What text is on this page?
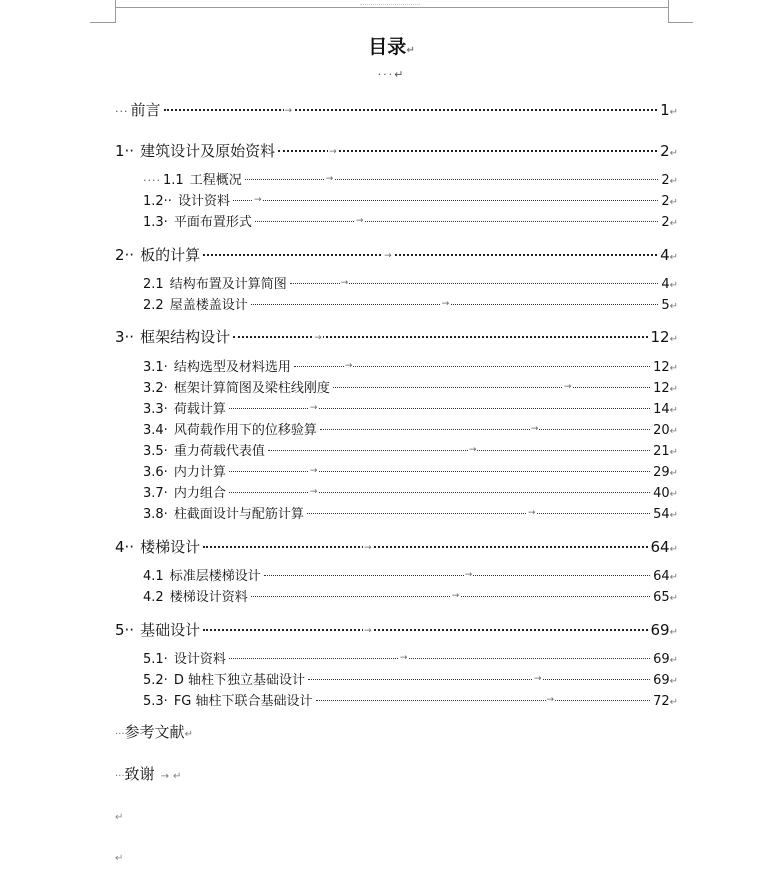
目录↵
···↵
··· 前言	→	1 ↵
1·· 建筑设计及原始资料	→	2 ↵
···· 1.1 工程概况	→	2 ↵
1.2·· 设计资料	→	2 ↵
1.3· 平面布置形式	→	2 ↵
2·· 板的计算	→	4 ↵
2.1 结构布置及计算简图	→	4 ↵
2.2 屋盖楼盖设计	→	5 ↵
3·· 框架结构设计	→	12 ↵
3.1· 结构选型及材料选用	→	12 ↵
3.2· 框架计算简图及梁柱线刚度	→	12 ↵
3.3· 荷载计算	→	14 ↵
3.4· 风荷载作用下的位移验算	→	20 ↵
3.5· 重力荷载代表值	→	21 ↵
3.6· 内力计算	→	29 ↵
3.7· 内力组合	→	40 ↵
3.8· 柱截面设计与配筋计算	→	54 ↵
4·· 楼梯设计	→	64 ↵
4.1 标准层楼梯设计	→	64 ↵
4.2 楼梯设计资料	→	65 ↵
5·· 基础设计	→	69 ↵
5.1· 设计资料	→	69 ↵
5.2· D 轴柱下独立基础设计	→	69 ↵
5.3· FG 轴柱下联合基础设计	→	72 ↵
···参考文献↵
···致谢 → ↵
↵
↵
